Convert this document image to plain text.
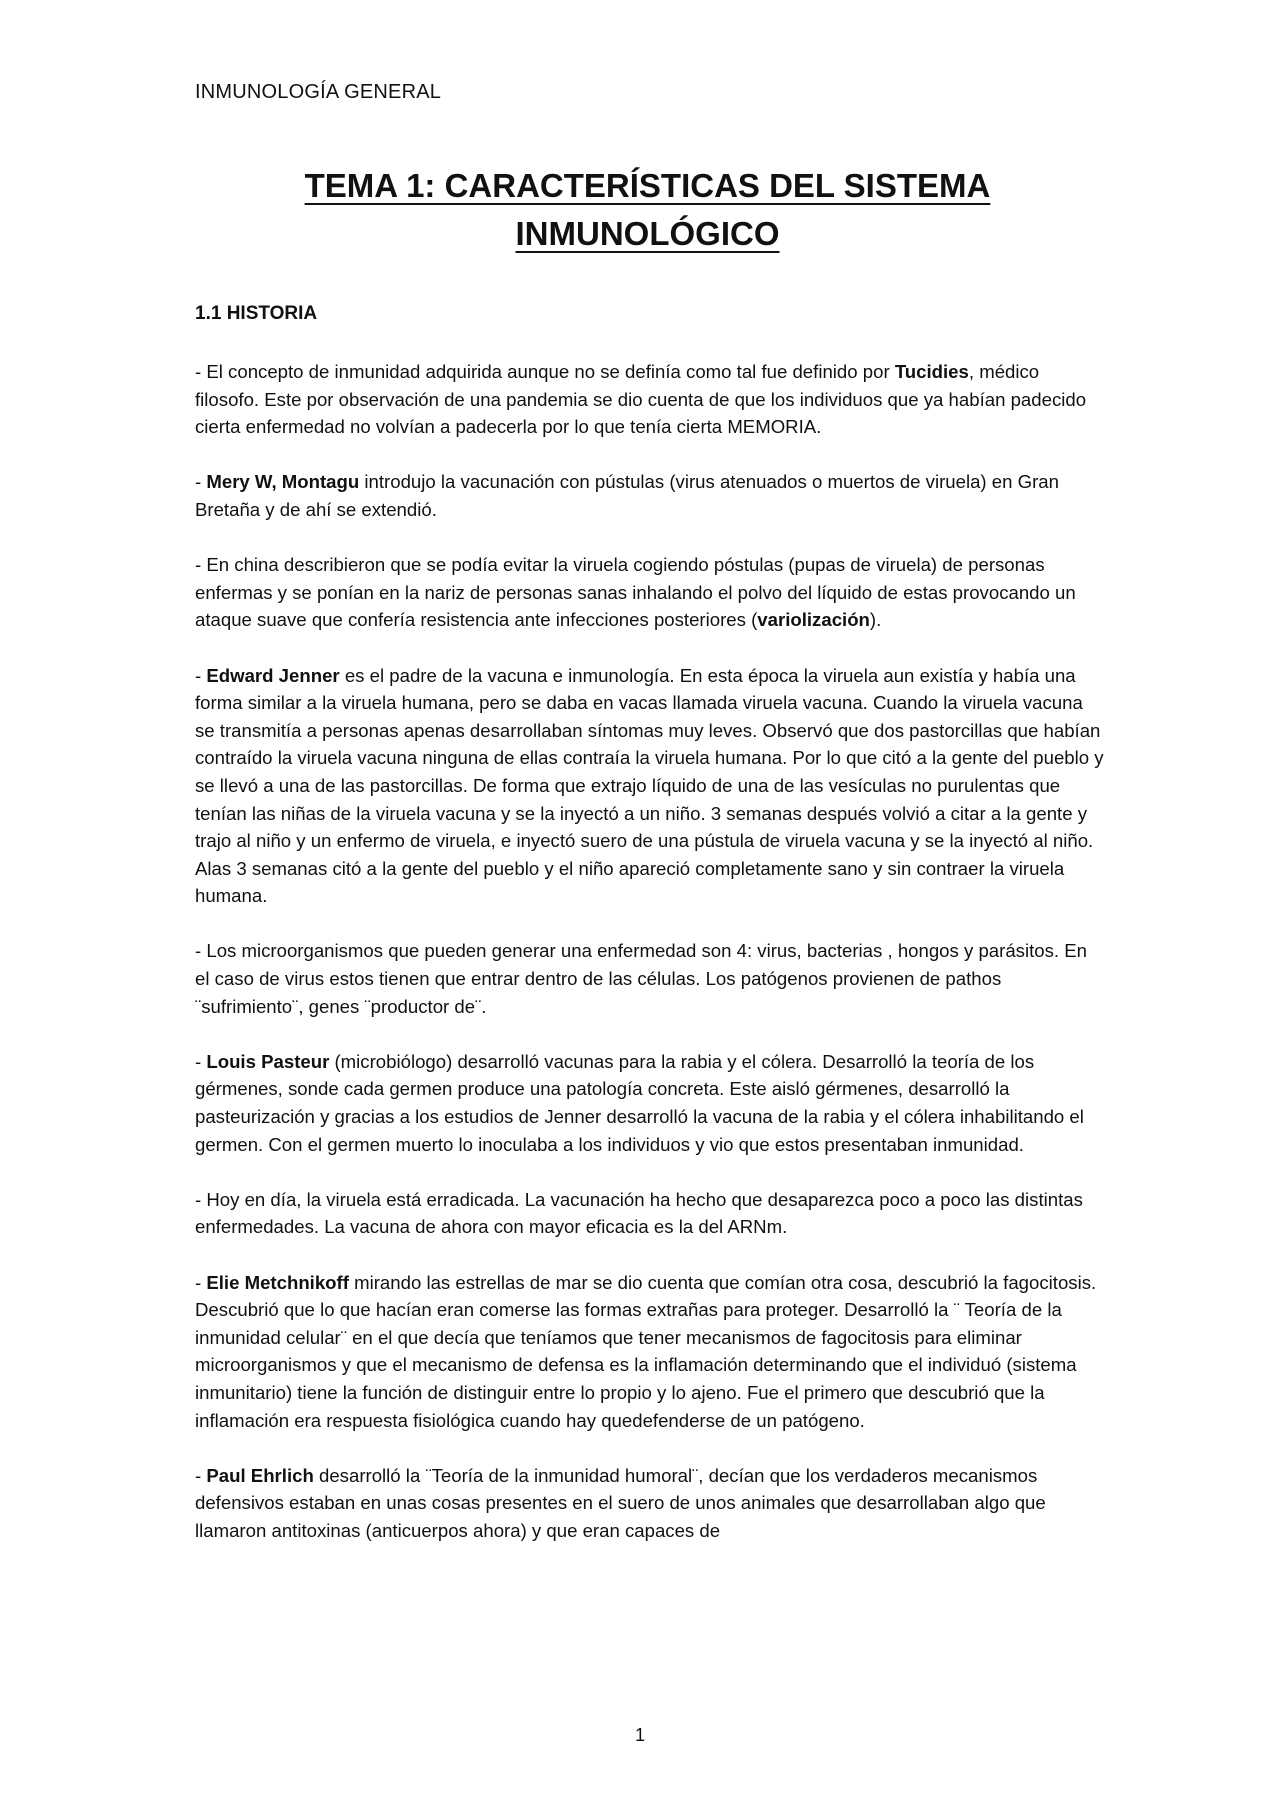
INMUNOLOGÍA GENERAL
TEMA 1: CARACTERÍSTICAS DEL SISTEMA
INMUNOLÓGICO
1.1 HISTORIA

- El concepto de inmunidad adquirida aunque no se definía como tal fue definido por Tucidies, médico filosofo. Este por observación de una pandemia se dio cuenta de que los individuos que ya habían padecido cierta enfermedad no volvían a padecerla por lo que tenía cierta MEMORIA.

- Mery W, Montagu introdujo la vacunación con pústulas (virus atenuados o muertos de viruela) en Gran Bretaña y de ahí se extendió.

- En china describieron que se podía evitar la viruela cogiendo póstulas (pupas de viruela) de personas enfermas y se ponían en la nariz de personas sanas inhalando el polvo del líquido de estas provocando un ataque suave que confería resistencia ante infecciones posteriores (variolización).

- Edward Jenner es el padre de la vacuna e inmunología. En esta época la viruela aun existía y había una forma similar a la viruela humana, pero se daba en vacas llamada viruela vacuna. Cuando la viruela vacuna se transmitía a personas apenas desarrollaban síntomas muy leves. Observó que dos pastorcillas que habían contraído la viruela vacuna ninguna de ellas contraía la viruela humana. Por lo que citó a la gente del pueblo y se llevó a una de las pastorcillas. De forma que extrajo líquido de una de las vesículas no purulentas que tenían las niñas de la viruela vacuna y se la inyectó a un niño. 3 semanas después volvió a citar a la gente y trajo al niño y un enfermo de viruela, e inyectó suero de una pústula de viruela vacuna y se la inyectó al niño. Alas 3 semanas citó a la gente del pueblo y el niño apareció completamente sano y sin contraer la viruela humana.

- Los microorganismos que pueden generar una enfermedad son 4: virus, bacterias , hongos y parásitos. En el caso de virus estos tienen que entrar dentro de las células. Los patógenos provienen de pathos ¨sufrimiento¨, genes ¨productor de¨.

- Louis Pasteur (microbiólogo) desarrolló vacunas para la rabia y el cólera. Desarrolló la teoría de los gérmenes, sonde cada germen produce una patología concreta. Este aisló gérmenes, desarrolló la pasteurización y gracias a los estudios de Jenner desarrolló la vacuna de la rabia y el cólera inhabilitando el germen. Con el germen muerto lo inoculaba a los individuos y vio que estos presentaban inmunidad.

- Hoy en día, la viruela está erradicada. La vacunación ha hecho que desaparezca poco a poco las distintas enfermedades. La vacuna de ahora con mayor eficacia es la del ARNm.

- Elie Metchnikoff mirando las estrellas de mar se dio cuenta que comían otra cosa, descubrió la fagocitosis. Descubrió que lo que hacían eran comerse las formas extrañas para proteger. Desarrolló la ¨ Teoría de la inmunidad celular¨ en el que decía que teníamos que tener mecanismos de fagocitosis para eliminar microorganismos y que el mecanismo de defensa es la inflamación determinando que el individuó (sistema inmunitario) tiene la función de distinguir entre lo propio y lo ajeno. Fue el primero que descubrió que la inflamación era respuesta fisiológica cuando hay quedefenderse de un patógeno.

- Paul Ehrlich desarrolló la ¨Teoría de la inmunidad humoral¨, decían que los verdaderos mecanismos defensivos estaban en unas cosas presentes en el suero de unos animales que desarrollaban algo que llamaron antitoxinas (anticuerpos ahora) y que eran capaces de

1
